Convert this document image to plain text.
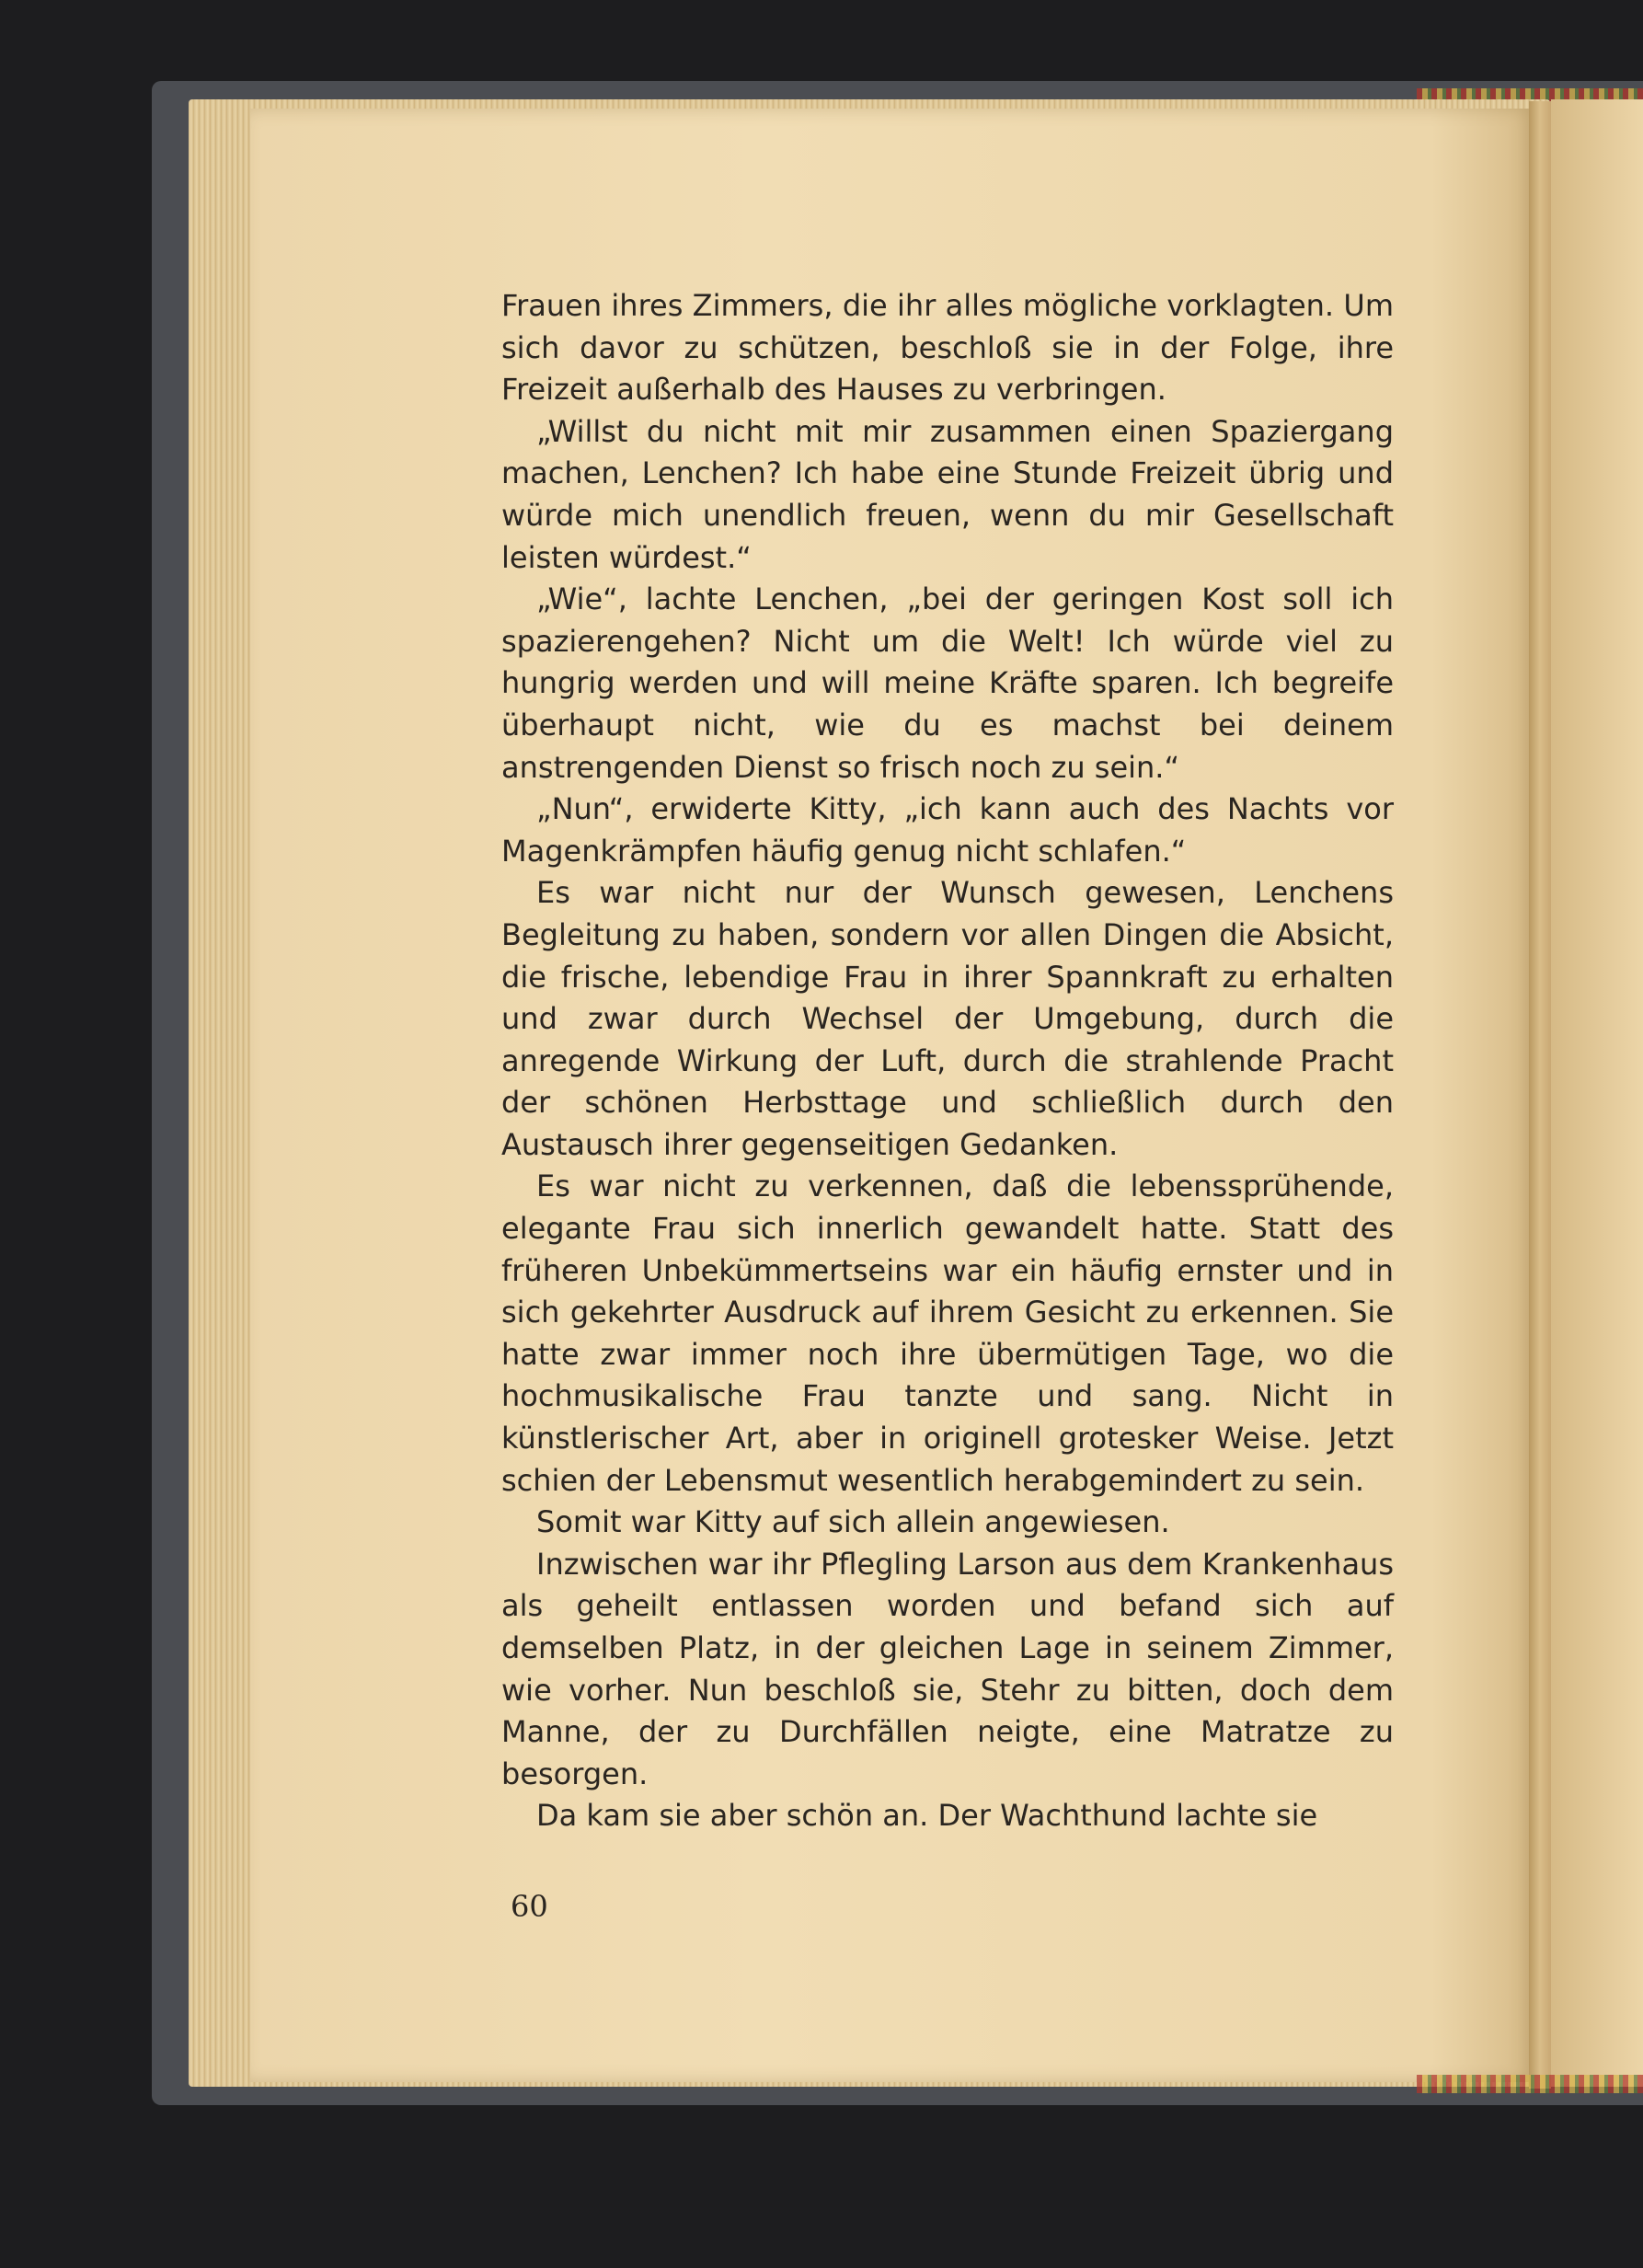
Frauen ihres Zimmers, die ihr alles mögliche vorklagten. Um sich davor zu schützen, beschloß sie in der Folge, ihre Freizeit außerhalb des Hauses zu verbringen.

„Willst du nicht mit mir zusammen einen Spaziergang machen, Lenchen? Ich habe eine Stunde Freizeit übrig und würde mich unendlich freuen, wenn du mir Gesellschaft leisten würdest.“

„Wie“, lachte Lenchen, „bei der geringen Kost soll ich spazierengehen? Nicht um die Welt! Ich würde viel zu hungrig werden und will meine Kräfte sparen. Ich begreife überhaupt nicht, wie du es machst bei deinem anstrengenden Dienst so frisch noch zu sein.“

„Nun“, erwiderte Kitty, „ich kann auch des Nachts vor Magenkrämpfen häufig genug nicht schlafen.“

Es war nicht nur der Wunsch gewesen, Lenchens Begleitung zu haben, sondern vor allen Dingen die Absicht, die frische, lebendige Frau in ihrer Spannkraft zu erhalten und zwar durch Wechsel der Umgebung, durch die anregende Wirkung der Luft, durch die strahlende Pracht der schönen Herbsttage und schließlich durch den Austausch ihrer gegenseitigen Gedanken.

Es war nicht zu verkennen, daß die lebenssprühende, elegante Frau sich innerlich gewandelt hatte. Statt des früheren Unbekümmertseins war ein häufig ernster und in sich gekehrter Ausdruck auf ihrem Gesicht zu erkennen. Sie hatte zwar immer noch ihre übermütigen Tage, wo die hochmusikalische Frau tanzte und sang. Nicht in künstlerischer Art, aber in originell grotesker Weise. Jetzt schien der Lebensmut wesentlich herabgemindert zu sein.

Somit war Kitty auf sich allein angewiesen.

Inzwischen war ihr Pflegling Larson aus dem Krankenhaus als geheilt entlassen worden und befand sich auf demselben Platz, in der gleichen Lage in seinem Zimmer, wie vorher. Nun beschloß sie, Stehr zu bitten, doch dem Manne, der zu Durchfällen neigte, eine Matratze zu besorgen.

Da kam sie aber schön an. Der Wachthund lachte sie

60
